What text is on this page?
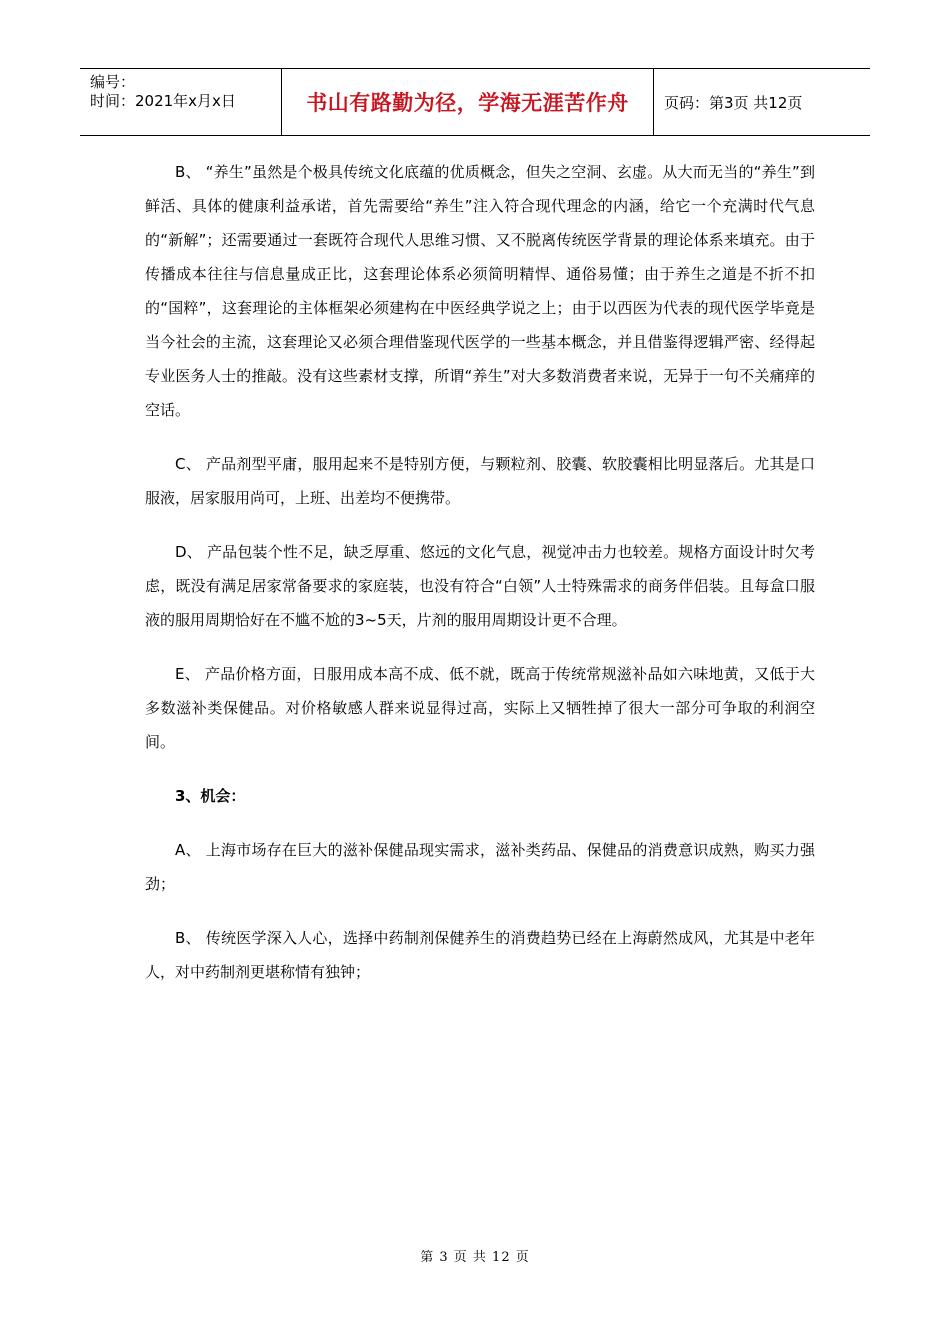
编号：
时间：2021年x月x日	书山有路勤为径，学海无涯苦作舟	页码：第3页 共12页

B、 “养生”虽然是个极具传统文化底蕴的优质概念，但失之空洞、玄虚。从大而无当的“养生”到鲜活、具体的健康利益承诺，首先需要给“养生”注入符合现代理念的内涵，给它一个充满时代气息的“新解”；还需要通过一套既符合现代人思维习惯、又不脱离传统医学背景的理论体系来填充。由于传播成本往往与信息量成正比，这套理论体系必须简明精悍、通俗易懂；由于养生之道是不折不扣的“国粹”，这套理论的主体框架必须建构在中医经典学说之上；由于以西医为代表的现代医学毕竟是当今社会的主流，这套理论又必须合理借鉴现代医学的一些基本概念，并且借鉴得逻辑严密、经得起专业医务人士的推敲。没有这些素材支撑，所谓“养生”对大多数消费者来说，无异于一句不关痛痒的空话。

C、 产品剂型平庸，服用起来不是特别方便，与颗粒剂、胶囊、软胶囊相比明显落后。尤其是口服液，居家服用尚可，上班、出差均不便携带。

D、 产品包装个性不足，缺乏厚重、悠远的文化气息，视觉冲击力也较差。规格方面设计时欠考虑，既没有满足居家常备要求的家庭装，也没有符合“白领”人士特殊需求的商务伴侣装。且每盒口服液的服用周期恰好在不尴不尬的3~5天，片剂的服用周期设计更不合理。

E、 产品价格方面，日服用成本高不成、低不就，既高于传统常规滋补品如六味地黄，又低于大多数滋补类保健品。对价格敏感人群来说显得过高，实际上又牺牲掉了很大一部分可争取的利润空间。

3、机会：

A、 上海市场存在巨大的滋补保健品现实需求，滋补类药品、保健品的消费意识成熟，购买力强劲；

B、 传统医学深入人心，选择中药制剂保健养生的消费趋势已经在上海蔚然成风，尤其是中老年人，对中药制剂更堪称情有独钟；

第 3 页 共 12 页
